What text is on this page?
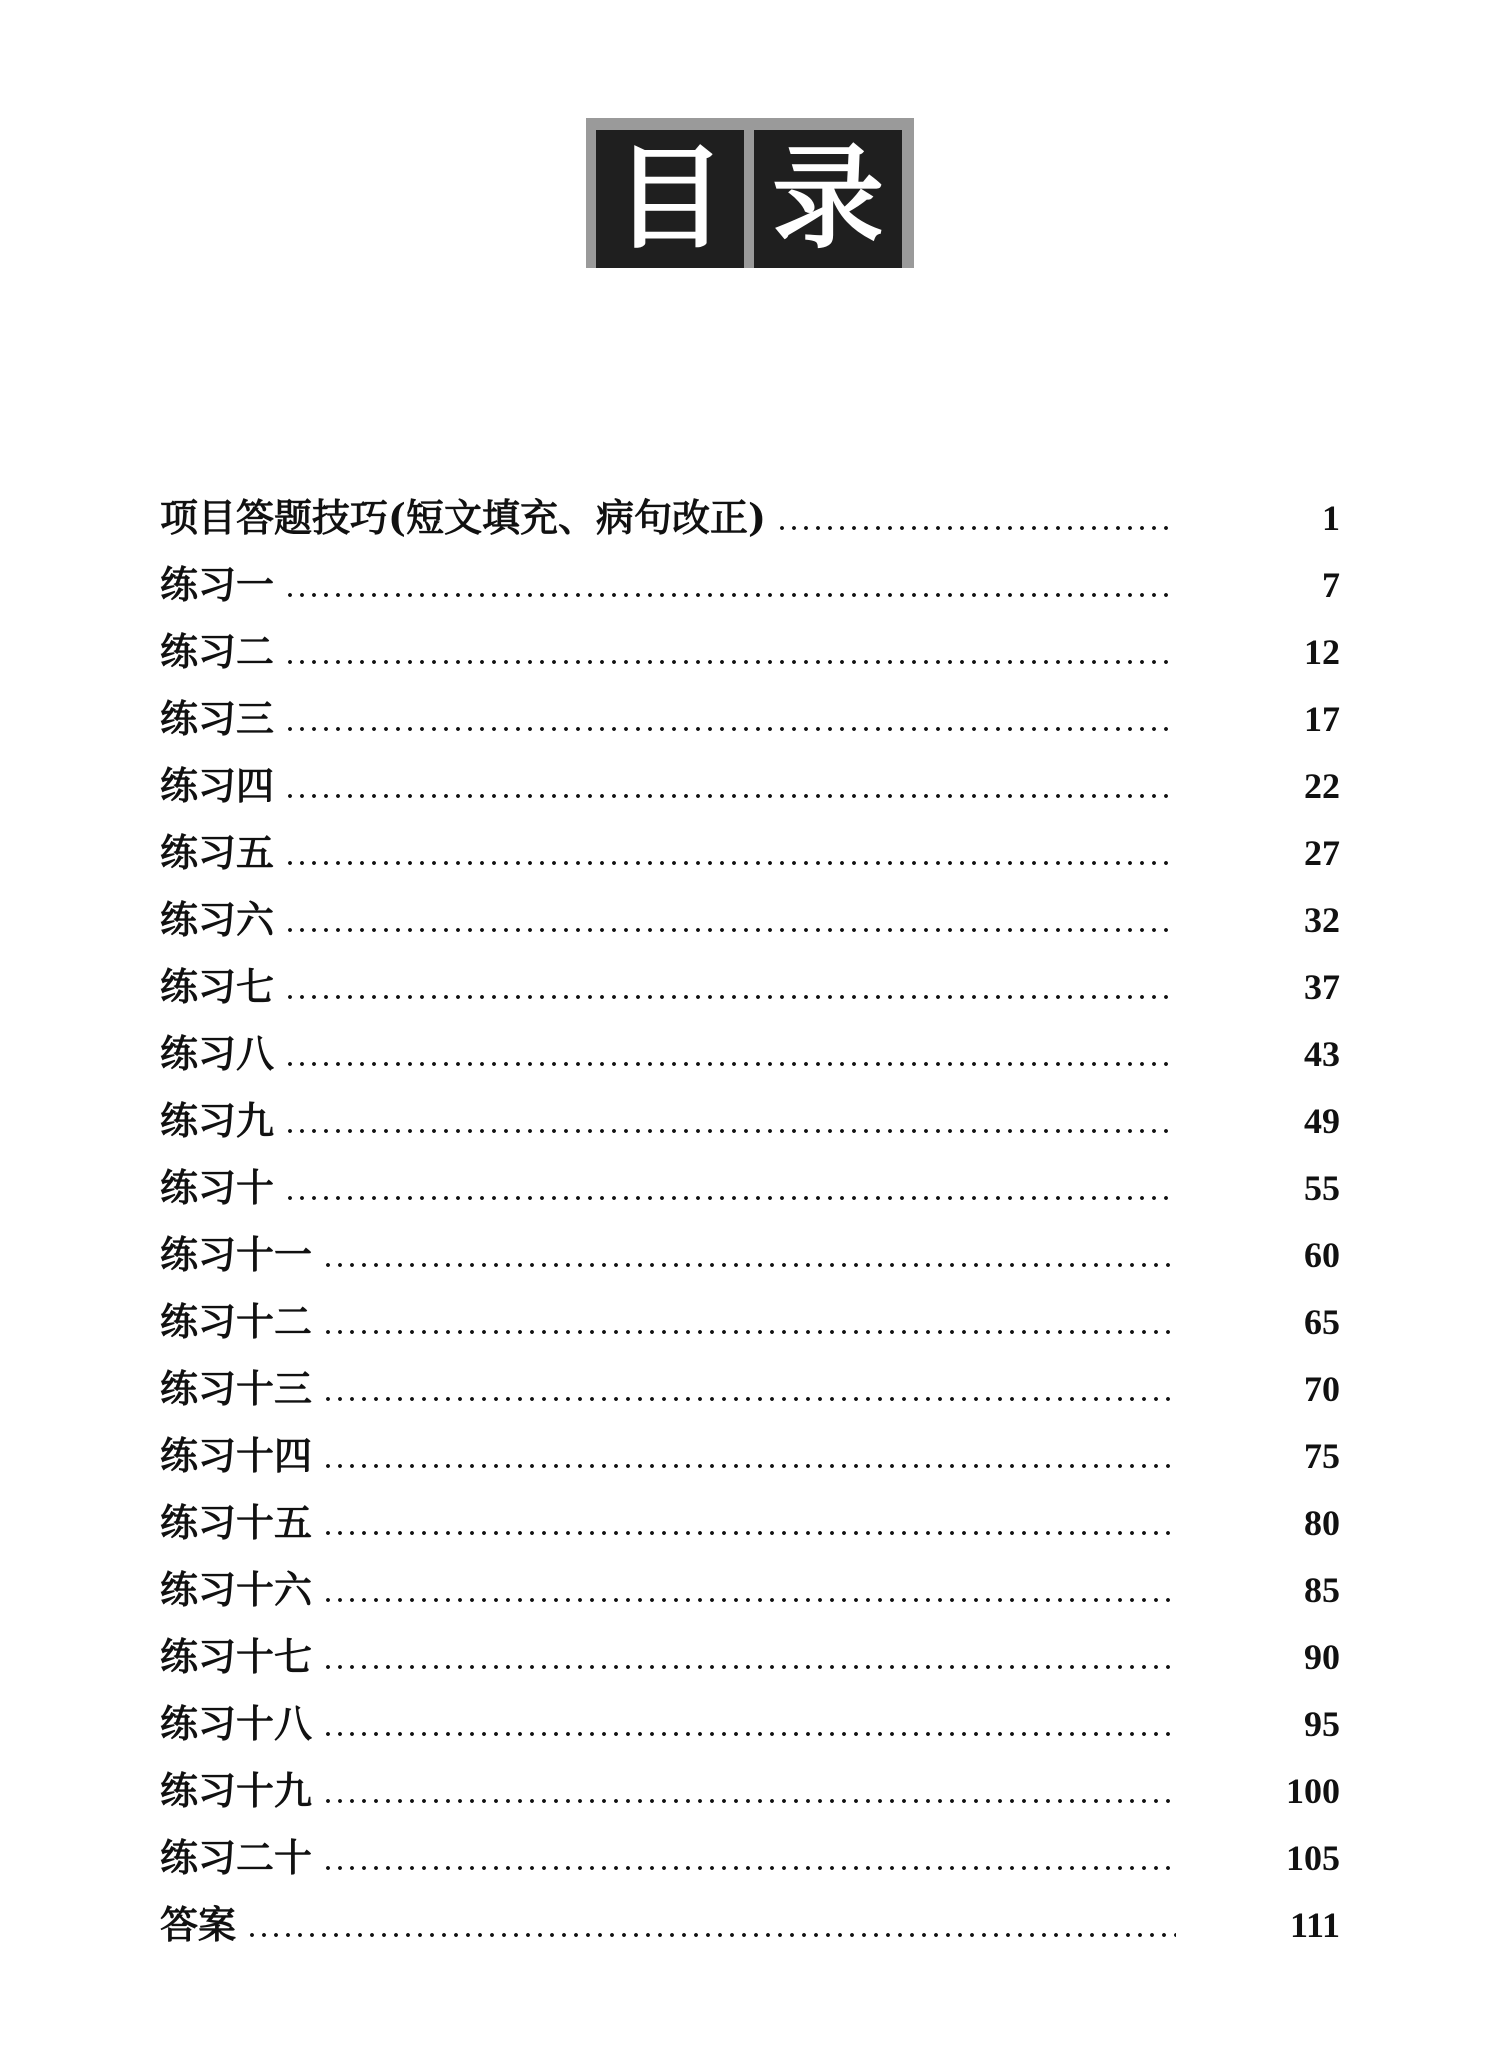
目 录
项目答题技巧(短文填充、病句改正)	1
练习一	7
练习二	12
练习三	17
练习四	22
练习五	27
练习六	32
练习七	37
练习八	43
练习九	49
练习十	55
练习十一	60
练习十二	65
练习十三	70
练习十四	75
练习十五	80
练习十六	85
练习十七	90
练习十八	95
练习十九	100
练习二十	105
答案	111
